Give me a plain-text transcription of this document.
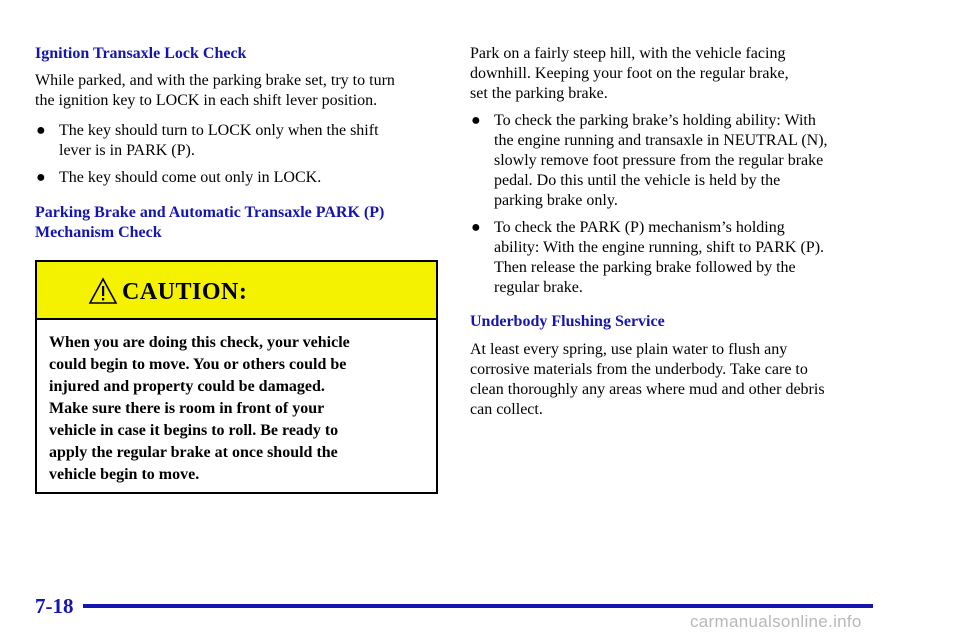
Ignition Transaxle Lock Check

While parked, and with the parking brake set, try to turn

the ignition key to LOCK in each shift lever position.

● The key should turn to LOCK only when the shift

lever is in PARK (P).

● The key should come out only in LOCK.

Parking Brake and Automatic Transaxle PARK (P)

Mechanism Check

CAUTION:
When you are doing this check, your vehicle
could begin to move. You or others could be
injured and property could be damaged.
Make sure there is room in front of your
vehicle in case it begins to roll. Be ready to
apply the regular brake at once should the
vehicle begin to move.

Park on a fairly steep hill, with the vehicle facing

downhill. Keeping your foot on the regular brake,

set the parking brake.

● To check the parking brake’s holding ability: With

the engine running and transaxle in NEUTRAL (N),

slowly remove foot pressure from the regular brake

pedal. Do this until the vehicle is held by the

parking brake only.

● To check the PARK (P) mechanism’s holding

ability: With the engine running, shift to PARK (P).

Then release the parking brake followed by the

regular brake.

Underbody Flushing Service

At least every spring, use plain water to flush any

corrosive materials from the underbody. Take care to

clean thoroughly any areas where mud and other debris

can collect.

7-18
carmanualsonline.info
